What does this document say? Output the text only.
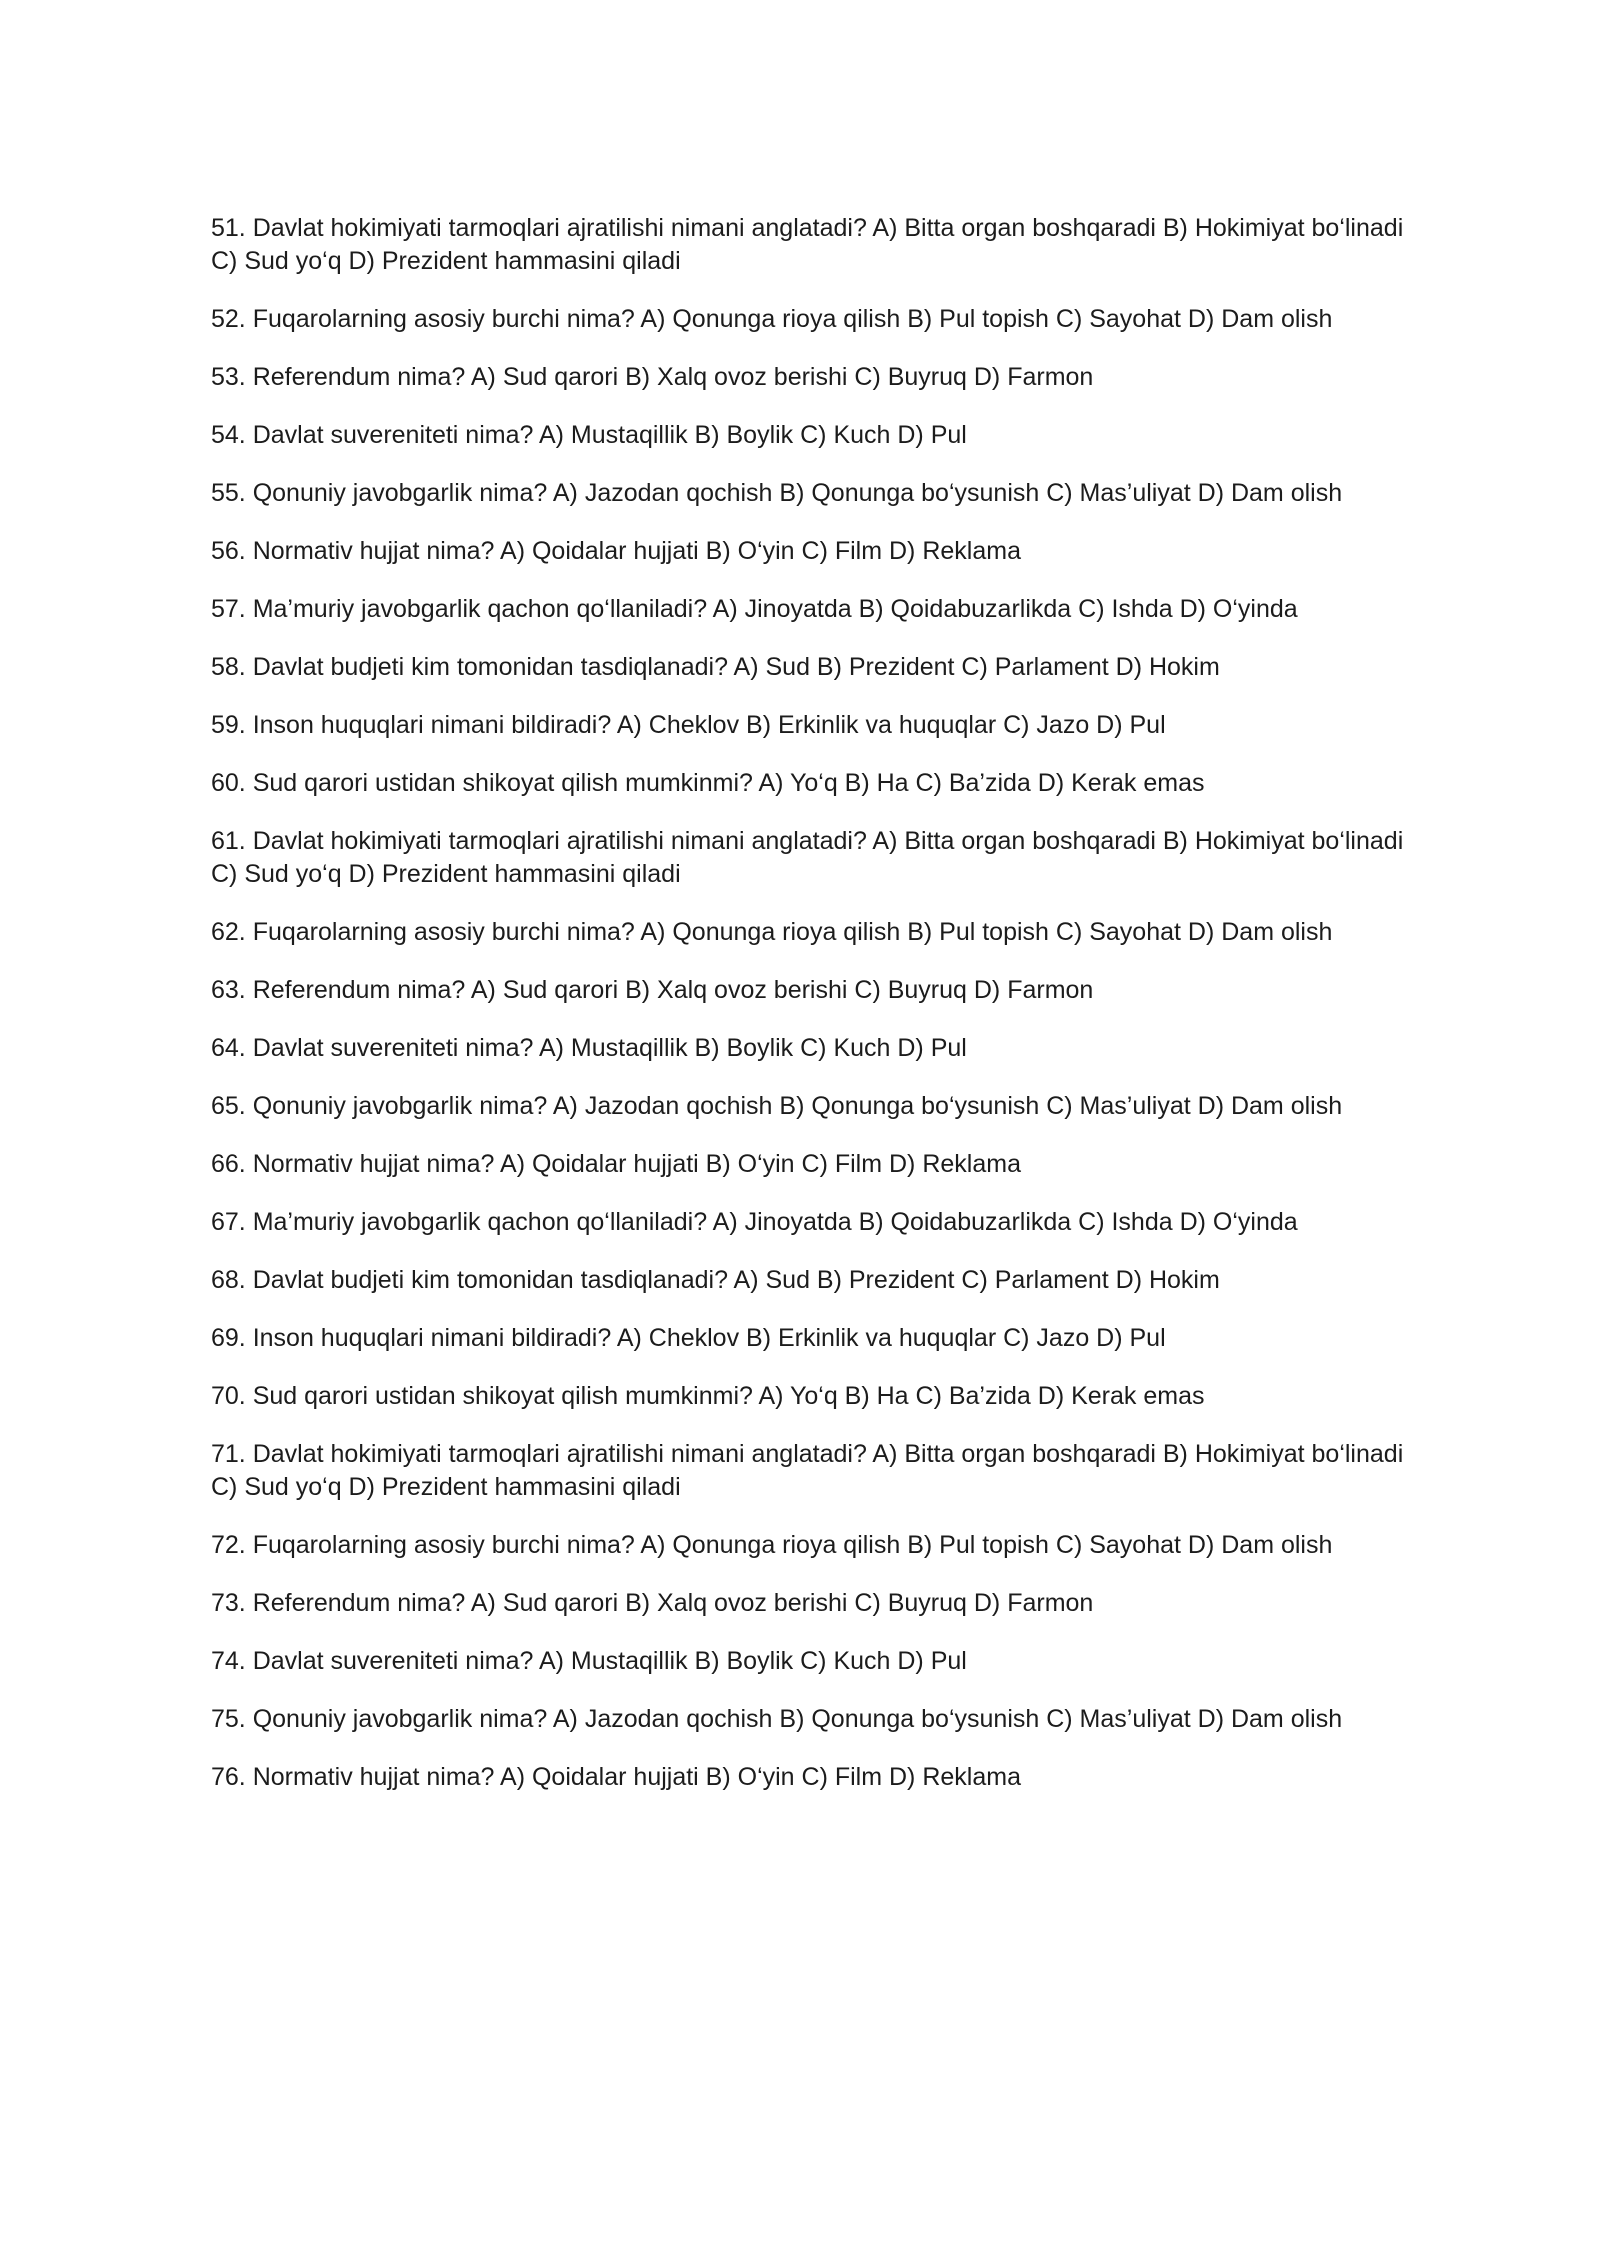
51. Davlat hokimiyati tarmoqlari ajratilishi nimani anglatadi? A) Bitta organ boshqaradi B) Hokimiyat bo‘linadi C) Sud yo‘q D) Prezident hammasini qiladi

52. Fuqarolarning asosiy burchi nima? A) Qonunga rioya qilish B) Pul topish C) Sayohat D) Dam olish

53. Referendum nima? A) Sud qarori B) Xalq ovoz berishi C) Buyruq D) Farmon

54. Davlat suvereniteti nima? A) Mustaqillik B) Boylik C) Kuch D) Pul

55. Qonuniy javobgarlik nima? A) Jazodan qochish B) Qonunga bo‘ysunish C) Mas’uliyat D) Dam olish

56. Normativ hujjat nima? A) Qoidalar hujjati B) O‘yin C) Film D) Reklama

57. Ma’muriy javobgarlik qachon qo‘llaniladi? A) Jinoyatda B) Qoidabuzarlikda C) Ishda D) O‘yinda

58. Davlat budjeti kim tomonidan tasdiqlanadi? A) Sud B) Prezident C) Parlament D) Hokim

59. Inson huquqlari nimani bildiradi? A) Cheklov B) Erkinlik va huquqlar C) Jazo D) Pul

60. Sud qarori ustidan shikoyat qilish mumkinmi? A) Yo‘q B) Ha C) Ba’zida D) Kerak emas

61. Davlat hokimiyati tarmoqlari ajratilishi nimani anglatadi? A) Bitta organ boshqaradi B) Hokimiyat bo‘linadi C) Sud yo‘q D) Prezident hammasini qiladi

62. Fuqarolarning asosiy burchi nima? A) Qonunga rioya qilish B) Pul topish C) Sayohat D) Dam olish

63. Referendum nima? A) Sud qarori B) Xalq ovoz berishi C) Buyruq D) Farmon

64. Davlat suvereniteti nima? A) Mustaqillik B) Boylik C) Kuch D) Pul

65. Qonuniy javobgarlik nima? A) Jazodan qochish B) Qonunga bo‘ysunish C) Mas’uliyat D) Dam olish

66. Normativ hujjat nima? A) Qoidalar hujjati B) O‘yin C) Film D) Reklama

67. Ma’muriy javobgarlik qachon qo‘llaniladi? A) Jinoyatda B) Qoidabuzarlikda C) Ishda D) O‘yinda

68. Davlat budjeti kim tomonidan tasdiqlanadi? A) Sud B) Prezident C) Parlament D) Hokim

69. Inson huquqlari nimani bildiradi? A) Cheklov B) Erkinlik va huquqlar C) Jazo D) Pul

70. Sud qarori ustidan shikoyat qilish mumkinmi? A) Yo‘q B) Ha C) Ba’zida D) Kerak emas

71. Davlat hokimiyati tarmoqlari ajratilishi nimani anglatadi? A) Bitta organ boshqaradi B) Hokimiyat bo‘linadi C) Sud yo‘q D) Prezident hammasini qiladi

72. Fuqarolarning asosiy burchi nima? A) Qonunga rioya qilish B) Pul topish C) Sayohat D) Dam olish

73. Referendum nima? A) Sud qarori B) Xalq ovoz berishi C) Buyruq D) Farmon

74. Davlat suvereniteti nima? A) Mustaqillik B) Boylik C) Kuch D) Pul

75. Qonuniy javobgarlik nima? A) Jazodan qochish B) Qonunga bo‘ysunish C) Mas’uliyat D) Dam olish

76. Normativ hujjat nima? A) Qoidalar hujjati B) O‘yin C) Film D) Reklama
